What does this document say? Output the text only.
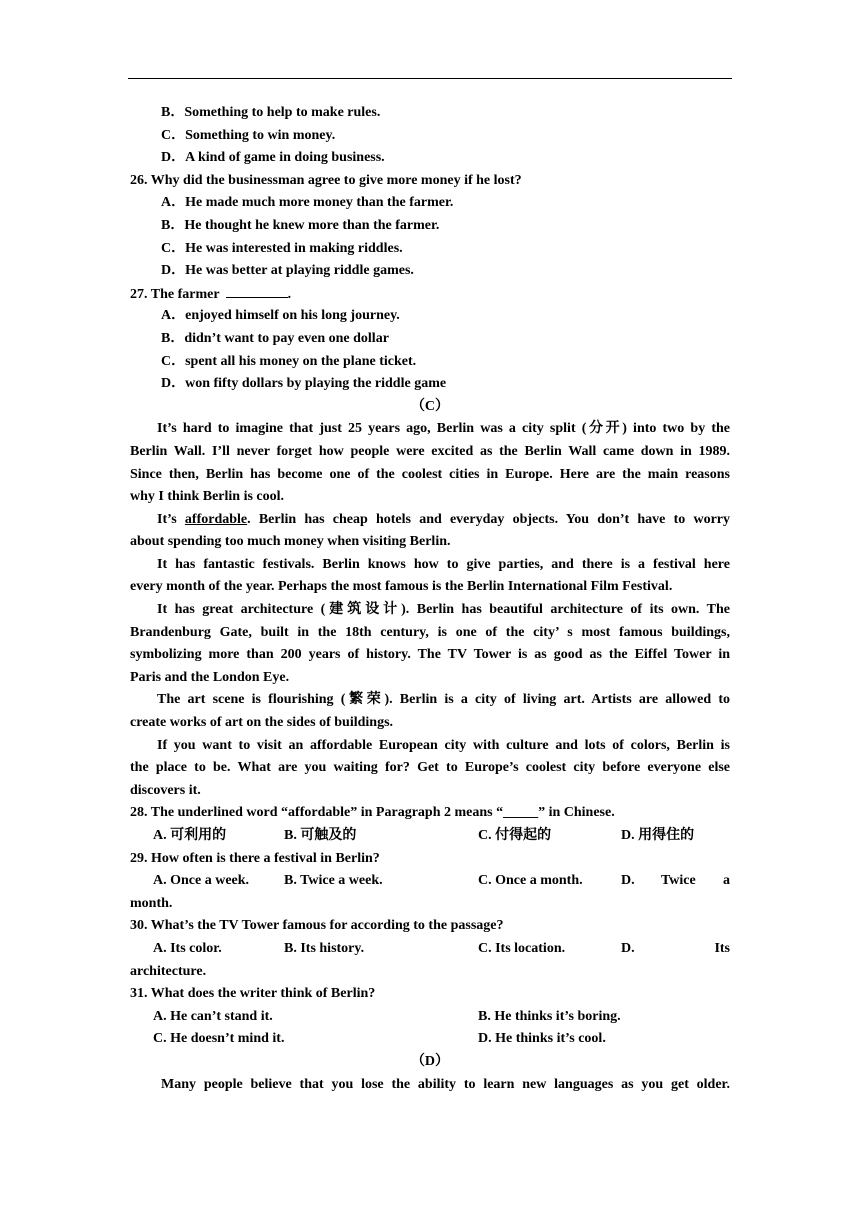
B．Something to help to make rules.
C．Something to win money.
D．A kind of game in doing business.
26. Why did the businessman agree to give more money if he lost?
A．He made much more money than the farmer.
B．He thought he knew more than the farmer.
C．He was interested in making riddles.
D．He was better at playing riddle games.
27. The farmer	.
A．enjoyed himself on his long journey.
B．didn’t want to pay even one dollar
C．spent all his money on the plane ticket.
D．won fifty dollars by playing the riddle game
（C）
It’s hard to imagine that just 25 years ago, Berlin was a city split (分开) into two by the
Berlin Wall. I’ll never forget how people were excited as the Berlin Wall came down in 1989.
Since then, Berlin has become one of the coolest cities in Europe. Here are the main reasons
why I think Berlin is cool.
It’s affordable. Berlin has cheap hotels and everyday objects. You don’t have to worry
about spending too much money when visiting Berlin.
It has fantastic festivals. Berlin knows how to give parties, and there is a festival here
every month of the year. Perhaps the most famous is the Berlin International Film Festival.
It has great architecture (建筑设计). Berlin has beautiful architecture of its own. The
Brandenburg Gate, built in the 18th century, is one of the city’ s most famous buildings,
symbolizing more than 200 years of history. The TV Tower is as good as the Eiffel Tower in
Paris and the London Eye.
The art scene is flourishing (繁荣). Berlin is a city of living art. Artists are allowed to
create works of art on the sides of buildings.
If you want to visit an affordable European city with culture and lots of colors, Berlin is
the place to be. What are you waiting for? Get to Europe’s coolest city before everyone else
discovers it.
28. The underlined word “affordable” in Paragraph 2 means “_____” in Chinese.
A. 可利用的	B. 可触及的	C. 付得起的	D. 用得住的
29. How often is there a festival in Berlin?
A. Once a week. B. Twice a week.	C. Once a month.	D. Twice a
month.
30. What’s the TV Tower famous for according to the passage?
A. Its color.	B. Its history.	C. Its location.	D.	Its
architecture.
31. What does the writer think of Berlin?
A. He can’t stand it.	B. He thinks it’s boring.
C. He doesn’t mind it.	D. He thinks it’s cool.
（D）
Many people believe that you lose the ability to learn new languages as you get older.
